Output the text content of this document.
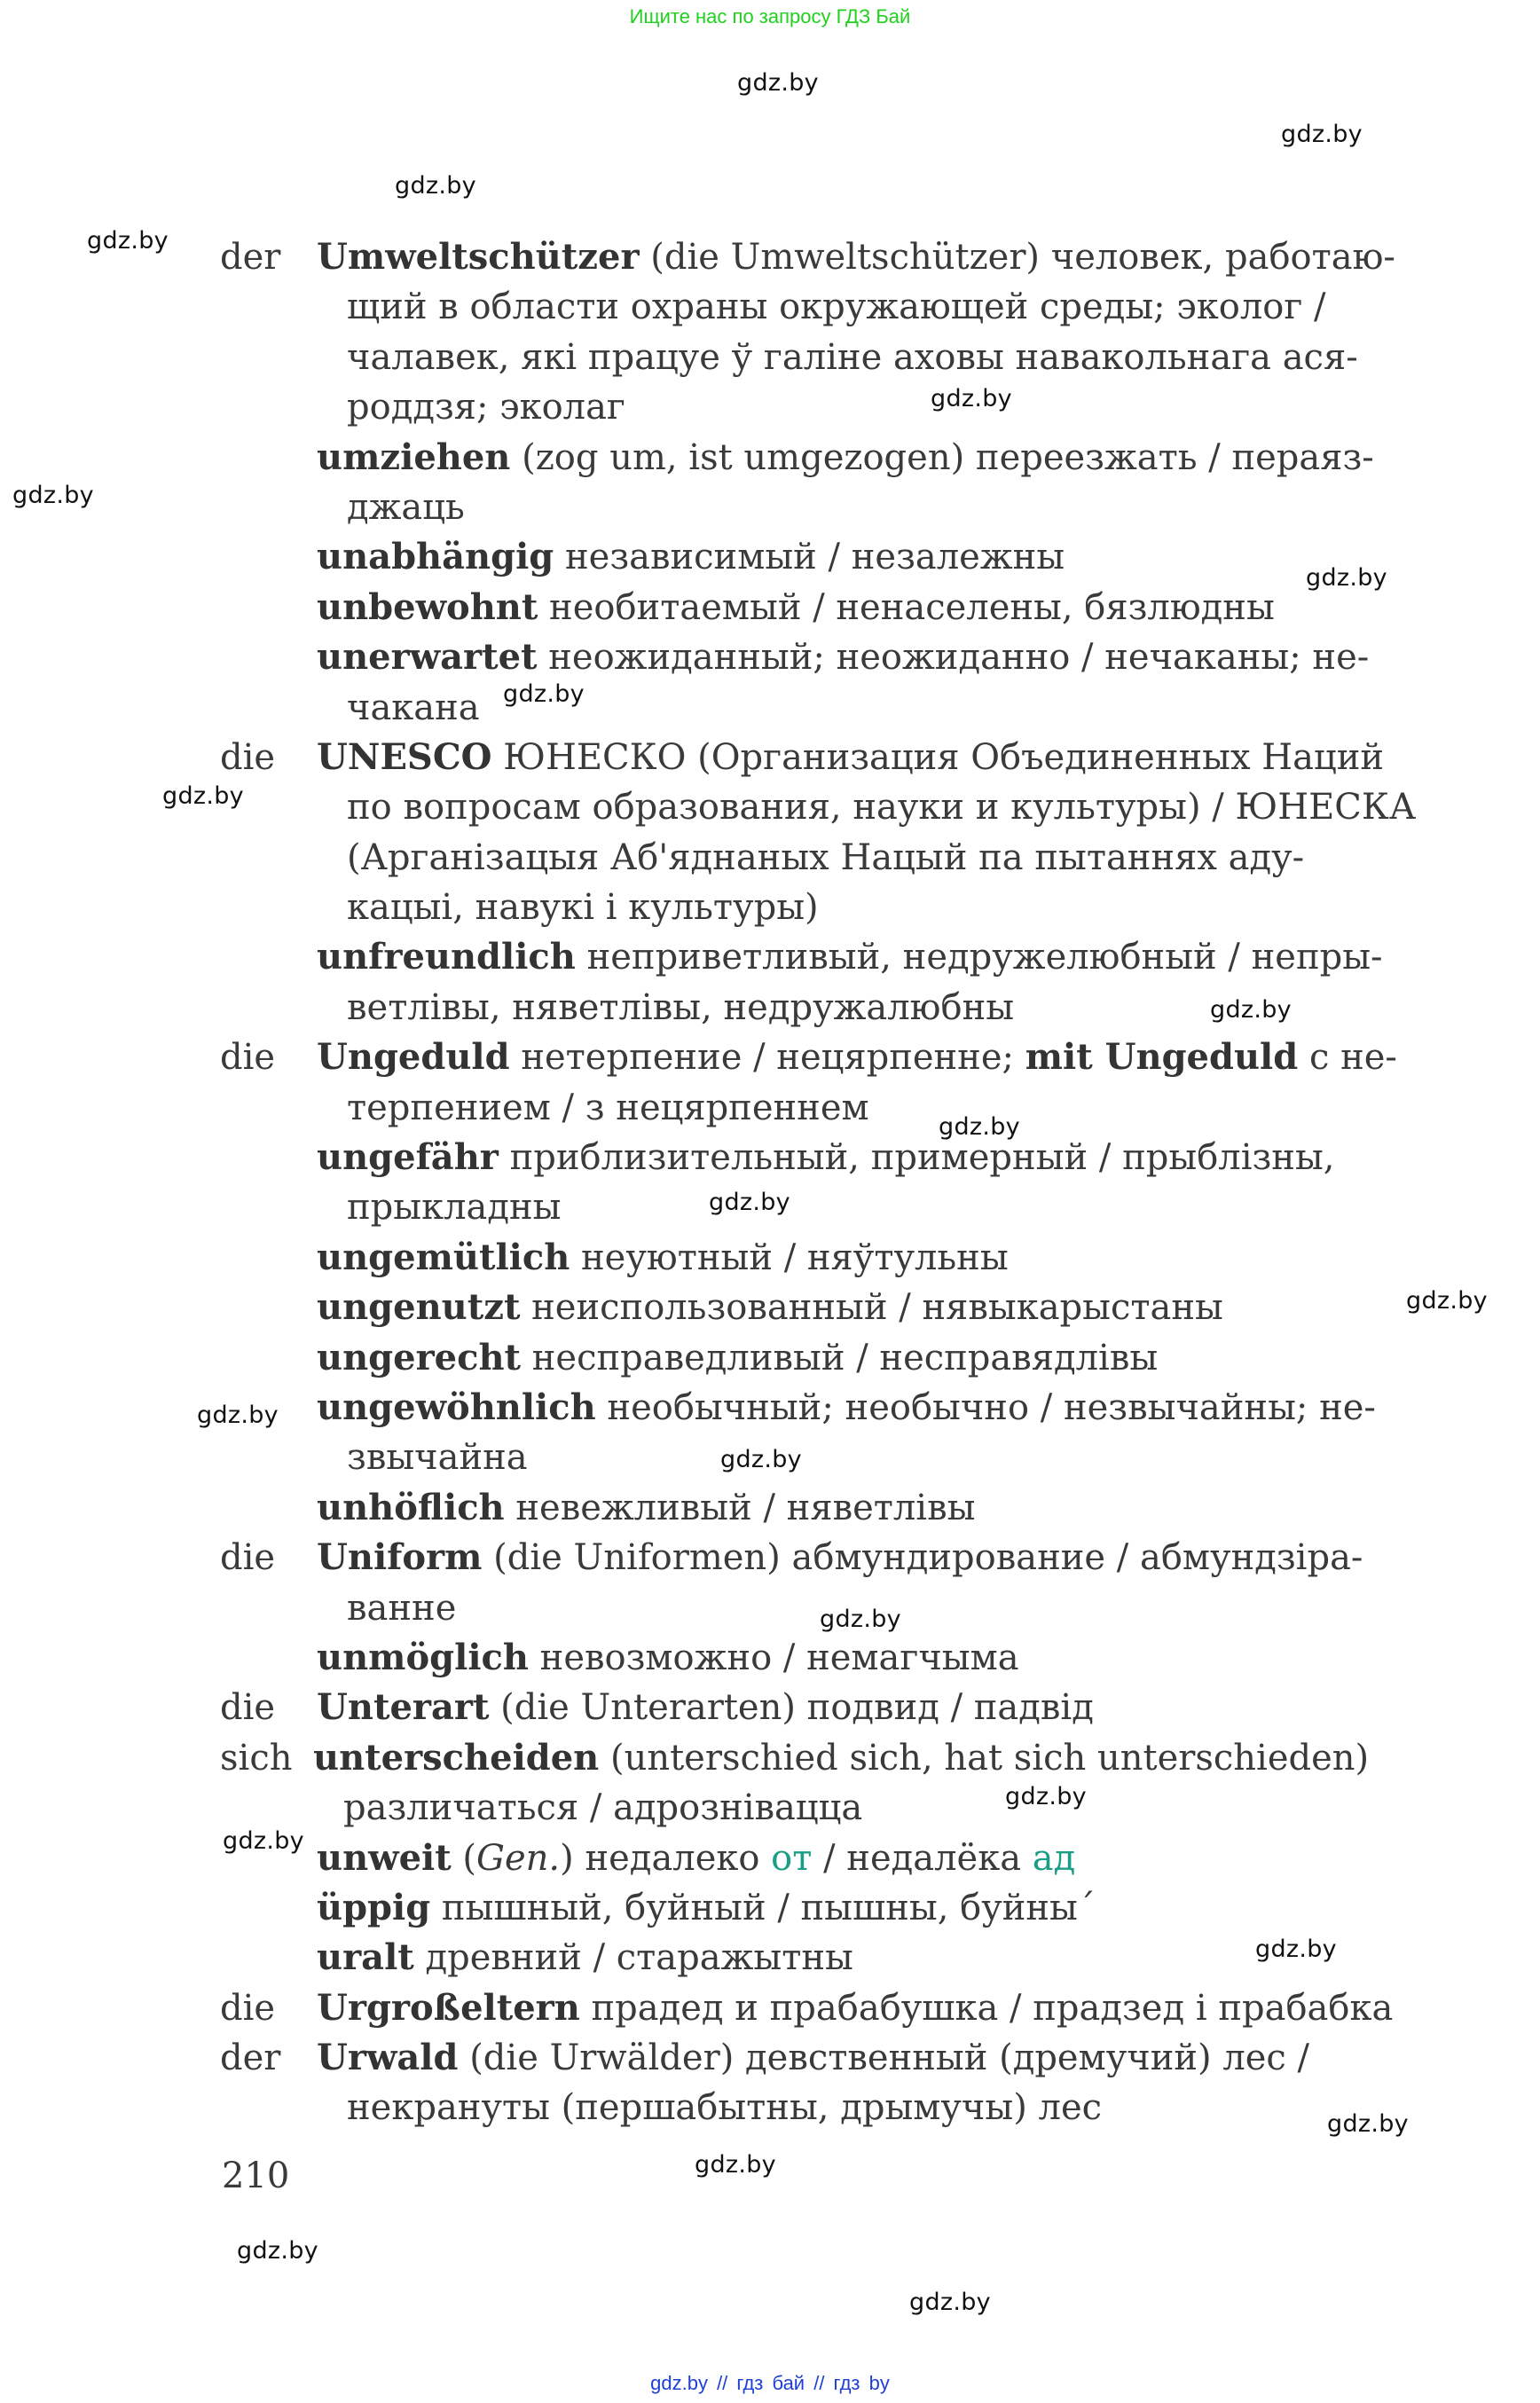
Ищите нас по запросу ГДЗ Бай
gdz.by
gdz.by
gdz.by
gdz.by
gdz.by
gdz.by
gdz.by
gdz.by
gdz.by
gdz.by
gdz.by
gdz.by
gdz.by
gdz.by
gdz.by
gdz.by
gdz.by
gdz.by
gdz.by
gdz.by
gdz.by
gdz.by
gdz.by
der Umweltschützer (die Umweltschützer) человек, работаю-
щий в области охраны окружающей среды; эколог /
чалавек, які працуе ў галіне аховы навакольнага ася-
роддзя; эколаг
umziehen (zog um, ist umgezogen) переезжать / пераяз-
джаць
unabhängig независимый / незалежны
unbewohnt необитаемый / ненаселены, бязлюдны
unerwartet неожиданный; неожиданно / нечаканы; не-
чакана
die UNESCO ЮНЕСКО (Организация Объединенных Наций
по вопросам образования, науки и культуры) / ЮНЕСКА
(Арганізацыя Аб'яднаных Нацый па пытаннях аду-
кацыі, навукі і культуры)
unfreundlich неприветливый, недружелюбный / непры-
ветлівы, няветлівы, недружалюбны
die Ungeduld нетерпение / нецярпенне; mit Ungeduld с не-
терпением / з нецярпеннем
ungefähr приблизительный, примерный / прыблізны,
прыкладны
ungemütlich неуютный / няўтульны
ungenutzt неиспользованный / нявыкарыстаны
ungerecht несправедливый / несправядлівы
ungewöhnlich необычный; необычно / незвычайны; не-
звычайна
unhöflich невежливый / няветлівы
die Uniform (die Uniformen) абмундирование / абмундзіра-
ванне
unmöglich невозможно / немагчыма
die Unterart (die Unterarten) подвид / падвід
sich unterscheiden (unterschied sich, hat sich unterschieden)
различаться / адрозніваццa
unweit (Gen.) недалеко от / недалёка ад
üppig пышный, буйный / пышны, буйны´
uralt древний / старажытны
die Urgroßeltern прадед и прабабушка / прадзед і прабабка
der Urwald (die Urwälder) девственный (дремучий) лес /
некрануты (першабытны, дрымучы) лес
210
gdz.by // гдз бай // гдз by
